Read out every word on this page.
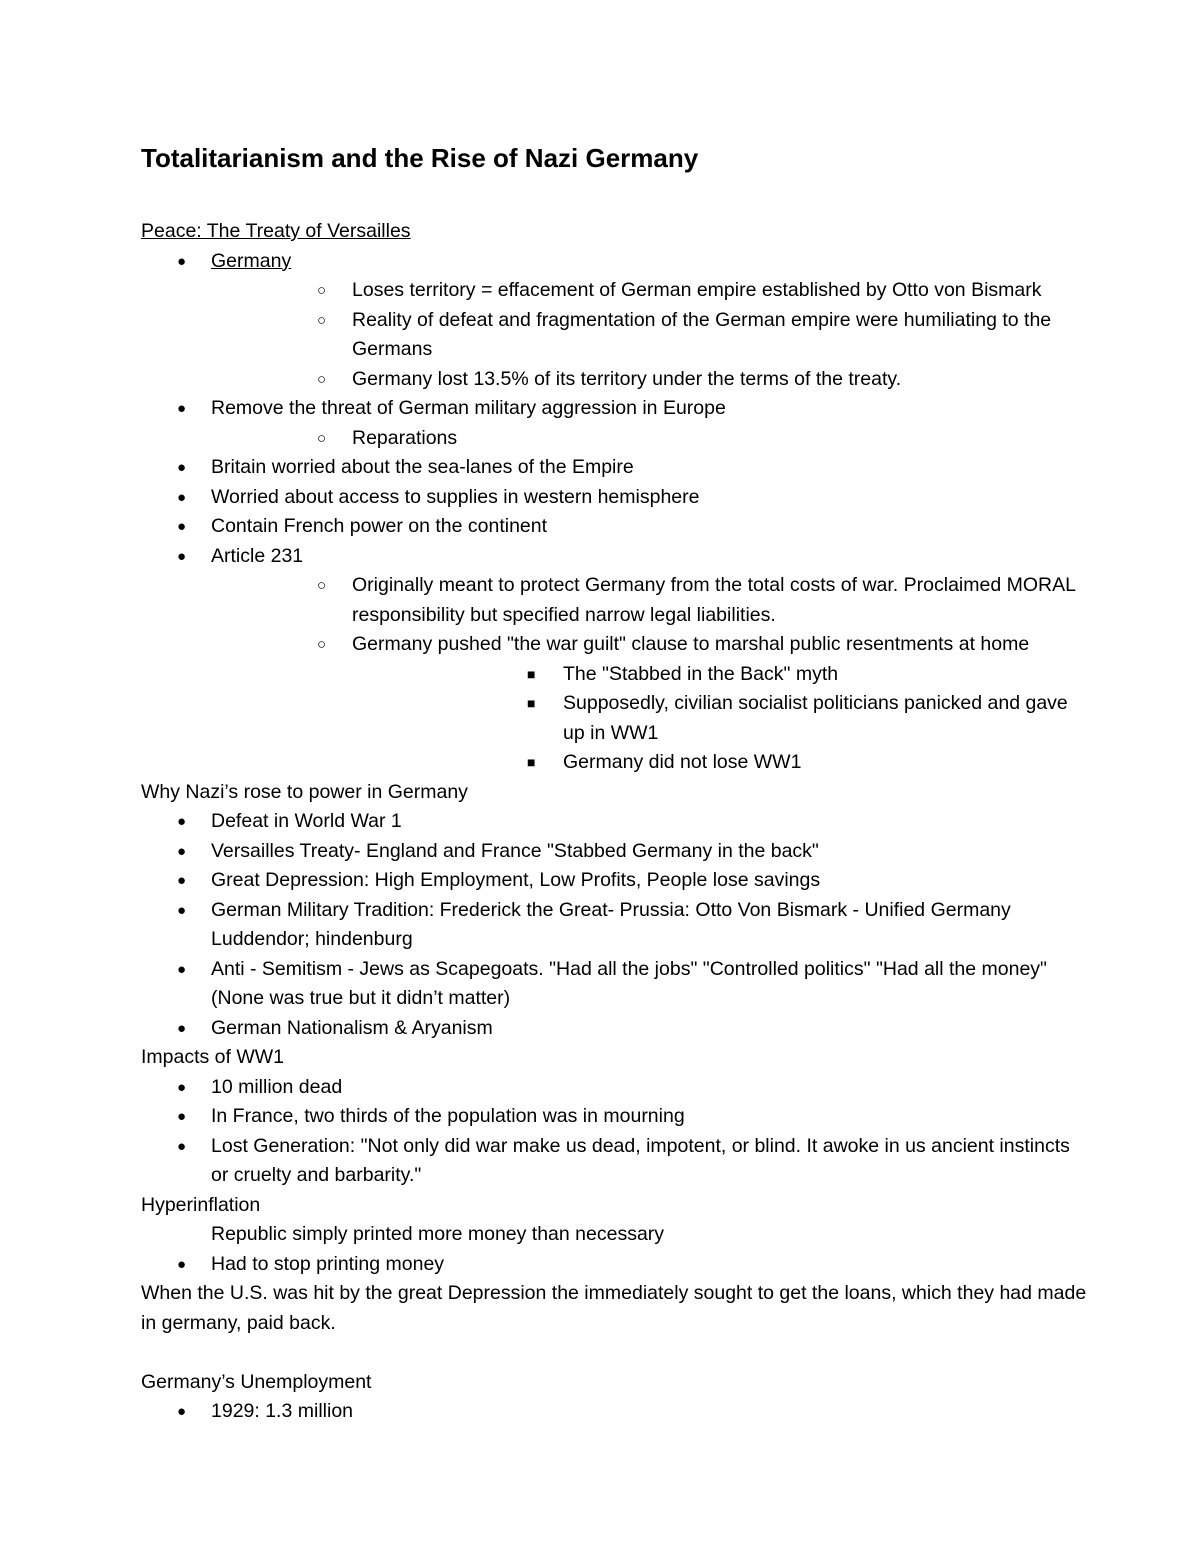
Totalitarianism and the Rise of Nazi Germany
Peace: The Treaty of Versailles
● Germany
○ Loses territory = effacement of German empire established by Otto von Bismark
○ Reality of defeat and fragmentation of the German empire were humiliating to the Germans
○ Germany lost 13.5% of its territory under the terms of the treaty.
● Remove the threat of German military aggression in Europe
○ Reparations
● Britain worried about the sea-lanes of the Empire
● Worried about access to supplies in western hemisphere
● Contain French power on the continent
● Article 231
○ Originally meant to protect Germany from the total costs of war. Proclaimed MORAL responsibility but specified narrow legal liabilities.
○ Germany pushed "the war guilt" clause to marshal public resentments at home
■ The "Stabbed in the Back" myth
■ Supposedly, civilian socialist politicians panicked and gave up in WW1
■ Germany did not lose WW1
Why Nazi’s rose to power in Germany
● Defeat in World War 1
● Versailles Treaty- England and France "Stabbed Germany in the back"
● Great Depression: High Employment, Low Profits, People lose savings
● German Military Tradition: Frederick the Great- Prussia: Otto Von Bismark - Unified Germany Luddendor; hindenburg
● Anti - Semitism - Jews as Scapegoats. "Had all the jobs" "Controlled politics" "Had all the money" (None was true but it didn’t matter)
● German Nationalism & Aryanism
Impacts of WW1
● 10 million dead
● In France, two thirds of the population was in mourning
● Lost Generation: "Not only did war make us dead, impotent, or blind. It awoke in us ancient instincts or cruelty and barbarity."
Hyperinflation
Republic simply printed more money than necessary
● Had to stop printing money
When the U.S. was hit by the great Depression the immediately sought to get the loans, which they had made in germany, paid back.
Germany’s Unemployment
● 1929: 1.3 million
